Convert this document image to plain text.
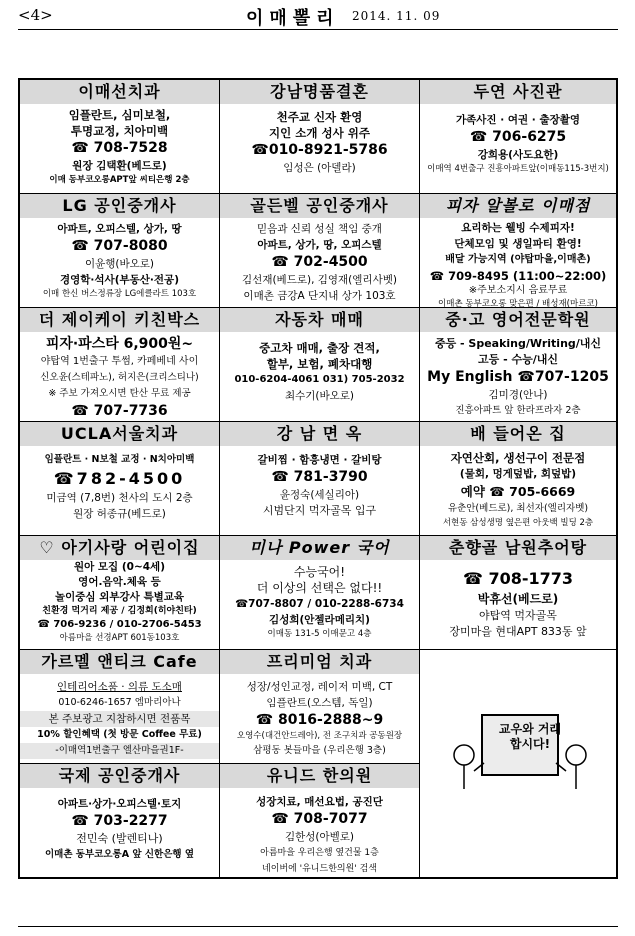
<4>	이매뽈리 2014. 11. 09
이매선치과
임플란트, 심미보철,
투명교정, 치아미백
☎ 708-7528
원장 김택환(베드로)
이매 동부코오롱APT앞 씨티은행 2층
강남명품결혼
천주교 신자 환영
지인 소개 성사 위주
☎010-8921-5786
임성은 (아델라)
두연 사진관
가족사진 · 여권 · 출장촬영
☎ 706-6275
강희용(사도요한)
이매역 4번출구 진흥아파트앞(이매동115-3번지)
LG 공인중개사
아파트, 오피스텔, 상가, 땅
☎ 707-8080
이윤행(바오로)
경영학·석사(부동산·전공)
이매 한신 버스정류장 LG에클라트 103호
골든벨 공인중개사
믿음과 신뢰 성실 책임 중개
아파트, 상가, 땅, 오피스텔
☎ 702-4500
김선재(베드로), 김영재(엘리사벳)
이매촌 금강A 단지내 상가 103호
피자 알볼로 이매점
요리하는 웰빙 수제피자!
단체모임 및 생일파티 환영!
배달 가능지역 (야탑마을,이매촌)
☎ 709-8495 (11:00~22:00)
※주보소지시 음료무료
이매촌 동부코오롱 맞은편 / 배성재(마르코)
더 제이케이 키친박스
피자·파스타 6,900원~
야탑역 1번출구 투썸, 카페베네 사이
신오윤(스테파노), 허지은(크리스티나)
※ 주보 가져오시면 탄산 무료 제공
☎ 707-7736
자동차 매매
중고차 매매, 출장 견적,
할부, 보험, 폐차대행
010-6204-4061 031) 705-2032
최수기(바오로)
중·고 영어전문학원
중등 - Speaking/Writing/내신
고등 - 수능/내신
My English ☎707-1205
김미경(안나)
진흥아파트 앞 한라프라자 2층
UCLA서울치과
임플란트 · N보철 교정 · N치아미백
☎782-4500
미금역 (7,8번) 천사의 도시 2층
원장 허종규(베드로)
강 남 면 옥
갈비찜 · 함흥냉면 · 갈비탕
☎ 781-3790
윤정숙(세실리아)
시범단지 먹자골목 입구
배 들어온 집
자연산회, 생선구이 전문점
(물회, 멍게덮밥, 회덮밥)
예약 ☎ 705-6669
유춘안(베드로), 최선자(엘리자벳)
서현동 삼성생명 옆은편 아웃백 빌딩 2층
♡ 아기사랑 어린이집
원아 모집 (0~4세)
영어.음악.체육 등
놀이중심 외부강사 특별교육
친환경 먹거리 제공 / 김정희(히야친타)
☎ 706-9236 / 010-2706-5453
아름마을 선경APT 601동103호
미나 Power 국어
수능국어!
더 이상의 선택은 없다!!
☎707-8807 / 010-2288-6734
김성희(안젤라메리치)
이매동 131-5 이매문고 4층
춘향골 남원추어탕
☎ 708-1773
박휴선(베드로)
야탑역 먹자골목
장미마을 현대APT 833동 앞
가르멜 앤티크 Cafe
인테리어소품 · 의류 도소매
010-6246-1657 엠마리아나
본 주보광고 지참하시면 전품목
10% 할인혜택 (첫 방문 Coffee 무료)
-이매역1번출구 엘산마을권1F-
프리미엄 치과
성장/성인교정, 레이저 미백, CT
임플란트(오스템, 독일)
☎ 8016-2888~9
오영수(대건안드레아), 전 조구치과 공동원장
삼평동 봇들마을 (우리은행 3층)
교우와 거래 합시다!
국제 공인중개사
아파트·상가·오피스텔·토지
☎ 703-2277
전민숙 (발렌티나)
이매촌 동부코오롱A 앞 신한은행 옆
유니드 한의원
성장치료, 매선요법, 공진단
☎ 708-7077
김한성(아벨로)
아름마을 우리은행 옆건물 1층
네이버에 '유니드한의원' 검색
